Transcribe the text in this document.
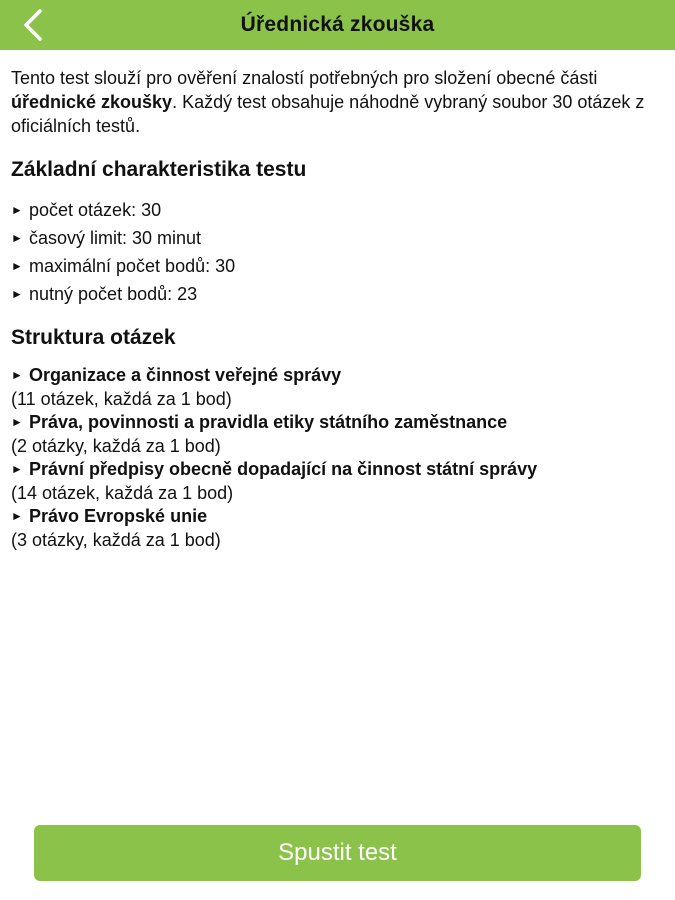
Úřednická zkouška

Tento test slouží pro ověření znalostí potřebných pro složení obecné části úřednické zkoušky. Každý test obsahuje náhodně vybraný soubor 30 otázek z oficiálních testů.

Základní charakteristika testu
► počet otázek: 30
► časový limit: 30 minut
► maximální počet bodů: 30
► nutný počet bodů: 23
Struktura otázek
► Organizace a činnost veřejné správy
(11 otázek, každá za 1 bod)
► Práva, povinnosti a pravidla etiky státního zaměstnance
(2 otázky, každá za 1 bod)
► Právní předpisy obecně dopadající na činnost státní správy
(14 otázek, každá za 1 bod)
► Právo Evropské unie
(3 otázky, každá za 1 bod)
Spustit test
